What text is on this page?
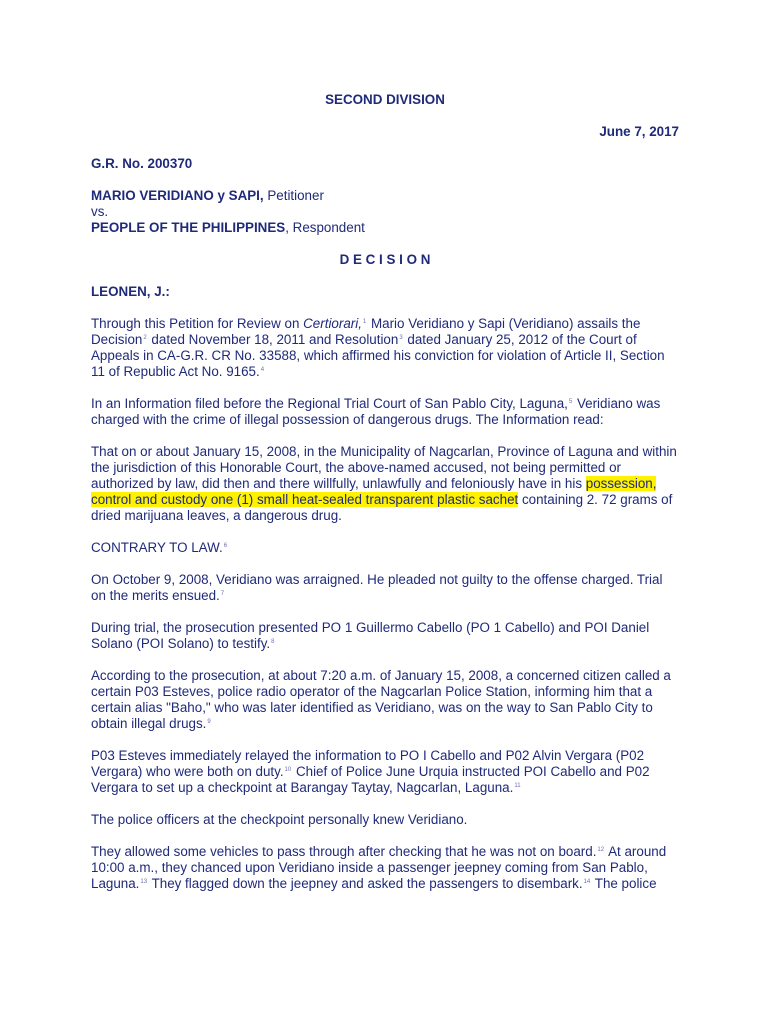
SECOND DIVISION

June 7, 2017

G.R. No. 200370

MARIO VERIDIANO y SAPI, Petitioner

vs.

PEOPLE OF THE PHILIPPINES, Respondent

D E C I S I O N

LEONEN, J.:

Through this Petition for Review on Certiorari,$^1$ Mario Veridiano y Sapi (Veridiano) assails the Decision$^2$ dated November 18, 2011 and Resolution$^3$ dated January 25, 2012 of the Court of Appeals in CA-G.R. CR No. 33588, which affirmed his conviction for violation of Article II, Section 11 of Republic Act No. 9165.$^4$

In an Information filed before the Regional Trial Court of San Pablo City, Laguna,$^5$ Veridiano was charged with the crime of illegal possession of dangerous drugs. The Information read:

That on or about January 15, 2008, in the Municipality of Nagcarlan, Province of Laguna and within the jurisdiction of this Honorable Court, the above-named accused, not being permitted or authorized by law, did then and there willfully, unlawfully and feloniously have in his possession, control and custody one (1) small heat-sealed transparent plastic sachet containing 2. 72 grams of dried marijuana leaves, a dangerous drug.

CONTRARY TO LAW.$^6$

On October 9, 2008, Veridiano was arraigned. He pleaded not guilty to the offense charged. Trial on the merits ensued.$^7$

During trial, the prosecution presented PO 1 Guillermo Cabello (PO 1 Cabello) and POI Daniel Solano (POI Solano) to testify.$^8$

According to the prosecution, at about 7:20 a.m. of January 15, 2008, a concerned citizen called a certain P03 Esteves, police radio operator of the Nagcarlan Police Station, informing him that a certain alias "Baho," who was later identified as Veridiano, was on the way to San Pablo City to obtain illegal drugs.$^9$

P03 Esteves immediately relayed the information to PO I Cabello and P02 Alvin Vergara (P02 Vergara) who were both on duty.$^{10}$ Chief of Police June Urquia instructed POI Cabello and P02 Vergara to set up a checkpoint at Barangay Taytay, Nagcarlan, Laguna.$^{11}$

The police officers at the checkpoint personally knew Veridiano.

They allowed some vehicles to pass through after checking that he was not on board.$^{12}$ At around 10:00 a.m., they chanced upon Veridiano inside a passenger jeepney coming from San Pablo, Laguna.$^{13}$ They flagged down the jeepney and asked the passengers to disembark.$^{14}$ The police
